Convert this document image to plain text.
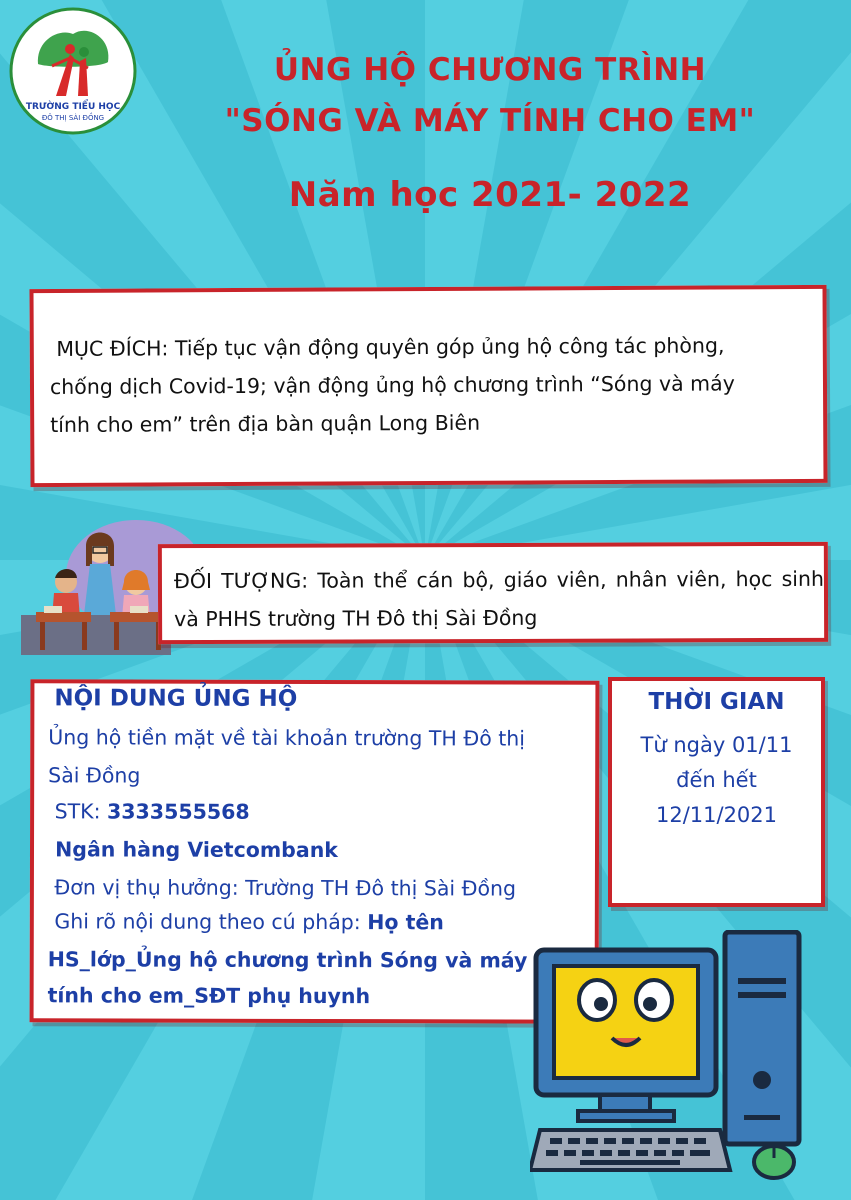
TRƯỜNG TIỂU HỌC
ĐÔ THỊ SÀI ĐỒNG
ỦNG HỘ CHƯƠNG TRÌNH
"SÓNG VÀ MÁY TÍNH CHO EM"
Năm học 2021- 2022
MỤC ĐÍCH: Tiếp tục vận động quyên góp ủng hộ công tác phòng,
chống dịch Covid-19; vận động ủng hộ chương trình “Sóng và máy
tính cho em” trên địa bàn quận Long Biên
ĐỐI TƯỢNG: Toàn thể cán bộ, giáo viên, nhân viên, học sinh và PHHS trường TH Đô thị Sài Đồng
NỘI DUNG ỦNG HỘ
Ủng hộ tiền mặt về tài khoản trường TH Đô thị
Sài Đồng
STK: 3333555568
Ngân hàng Vietcombank
Đơn vị thụ hưởng: Trường TH Đô thị Sài Đồng
Ghi rõ nội dung theo cú pháp: Họ tên
HS_lớp_Ủng hộ chương trình Sóng và máy
tính cho em_SĐT phụ huynh
THỜI GIAN
Từ ngày 01/11
đến hết
12/11/2021
